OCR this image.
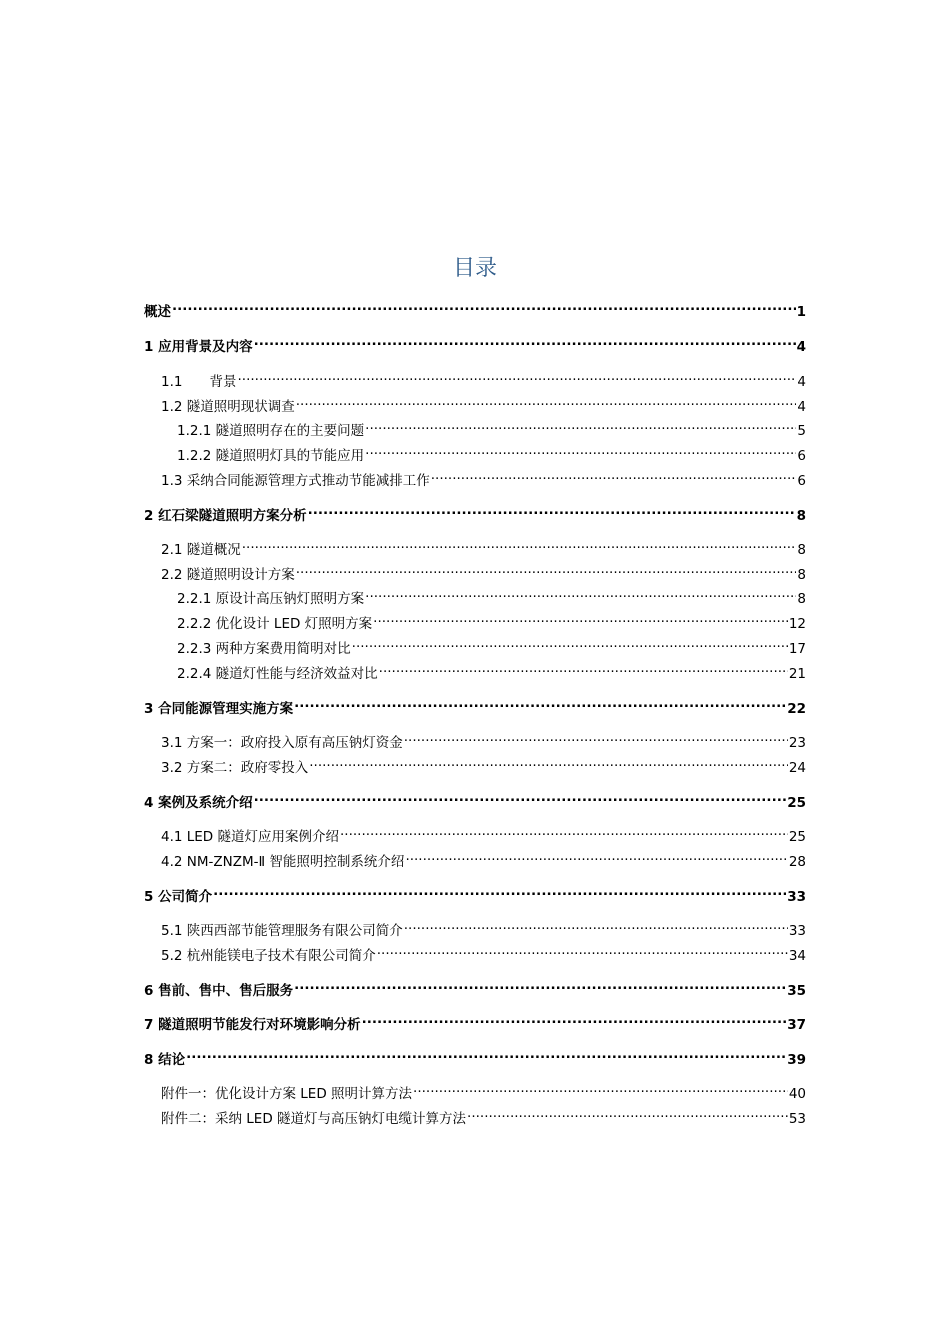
目录
概述 .....	1
1 应用背景及内容 .....	4
1.1　　背景 .....	4
1.2 隧道照明现状调查 .....	4
1.2.1 隧道照明存在的主要问题 .....	5
1.2.2 隧道照明灯具的节能应用 .....	6
1.3 采纳合同能源管理方式推动节能减排工作 .....	6
2 红石梁隧道照明方案分析 .....	8
2.1 隧道概况 .....	8
2.2 隧道照明设计方案 .....	8
2.2.1 原设计高压钠灯照明方案 .....	8
2.2.2 优化设计 LED 灯照明方案 .....	12
2.2.3 两种方案费用简明对比 .....	17
2.2.4 隧道灯性能与经济效益对比 .....	21
3 合同能源管理实施方案 .....	22
3.1 方案一：政府投入原有高压钠灯资金 .....	23
3.2 方案二：政府零投入 .....	24
4 案例及系统介绍 .....	25
4.1 LED 隧道灯应用案例介绍 .....	25
4.2 NM-ZNZM-Ⅱ 智能照明控制系统介绍 .....	28
5 公司简介 .....	33
5.1 陕西西部节能管理服务有限公司简介 .....	33
5.2 杭州能镁电子技术有限公司简介 .....	34
6 售前、售中、售后服务 .....	35
7 隧道照明节能发行对环境影响分析 .....	37
8 结论 .....	39
附件一：优化设计方案 LED 照明计算方法 .....	40
附件二：采纳 LED 隧道灯与高压钠灯电缆计算方法 .....	53
